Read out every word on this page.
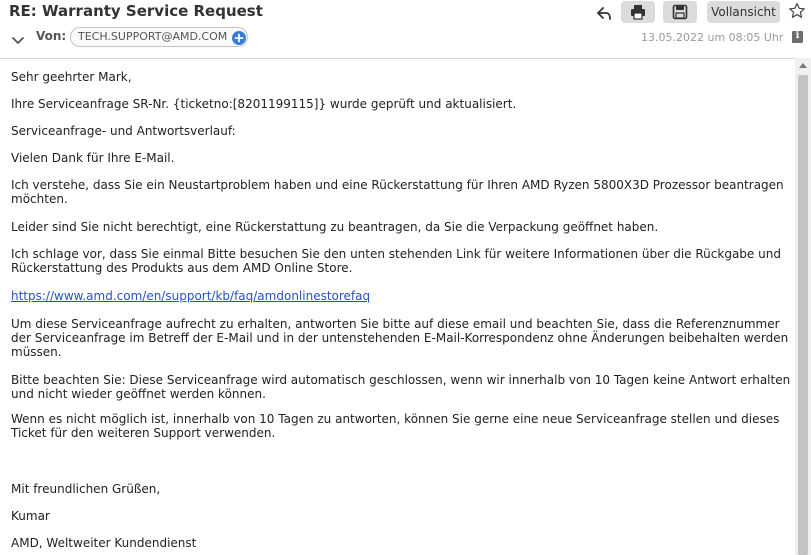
RE: Warranty Service Request	Vollansicht
Von: TECH.SUPPORT@AMD.COM	13.05.2022 um 08:05 Uhr	i

Sehr geehrter Mark,

Ihre Serviceanfrage SR-Nr. {ticketno:[8201199115]} wurde geprüft und aktualisiert.

Serviceanfrage- und Antwortsverlauf:

Vielen Dank für Ihre E-Mail.

Ich verstehe, dass Sie ein Neustartproblem haben und eine Rückerstattung für Ihren AMD Ryzen 5800X3D Prozessor beantragen möchten.

Leider sind Sie nicht berechtigt, eine Rückerstattung zu beantragen, da Sie die Verpackung geöffnet haben.

Ich schlage vor, dass Sie einmal Bitte besuchen Sie den unten stehenden Link für weitere Informationen über die Rückgabe und Rückerstattung des Produkts aus dem AMD Online Store.

https://www.amd.com/en/support/kb/faq/amdonlinestorefaq

Um diese Serviceanfrage aufrecht zu erhalten, antworten Sie bitte auf diese email und beachten Sie, dass die Referenznummer der Serviceanfrage im Betreff der E-Mail und in der untenstehenden E-Mail-Korrespondenz ohne Änderungen beibehalten werden müssen.

Bitte beachten Sie: Diese Serviceanfrage wird automatisch geschlossen, wenn wir innerhalb von 10 Tagen keine Antwort erhalten und nicht wieder geöffnet werden können.

Wenn es nicht möglich ist, innerhalb von 10 Tagen zu antworten, können Sie gerne eine neue Serviceanfrage stellen und dieses Ticket für den weiteren Support verwenden.

Mit freundlichen Grüßen,

Kumar

AMD, Weltweiter Kundendienst
